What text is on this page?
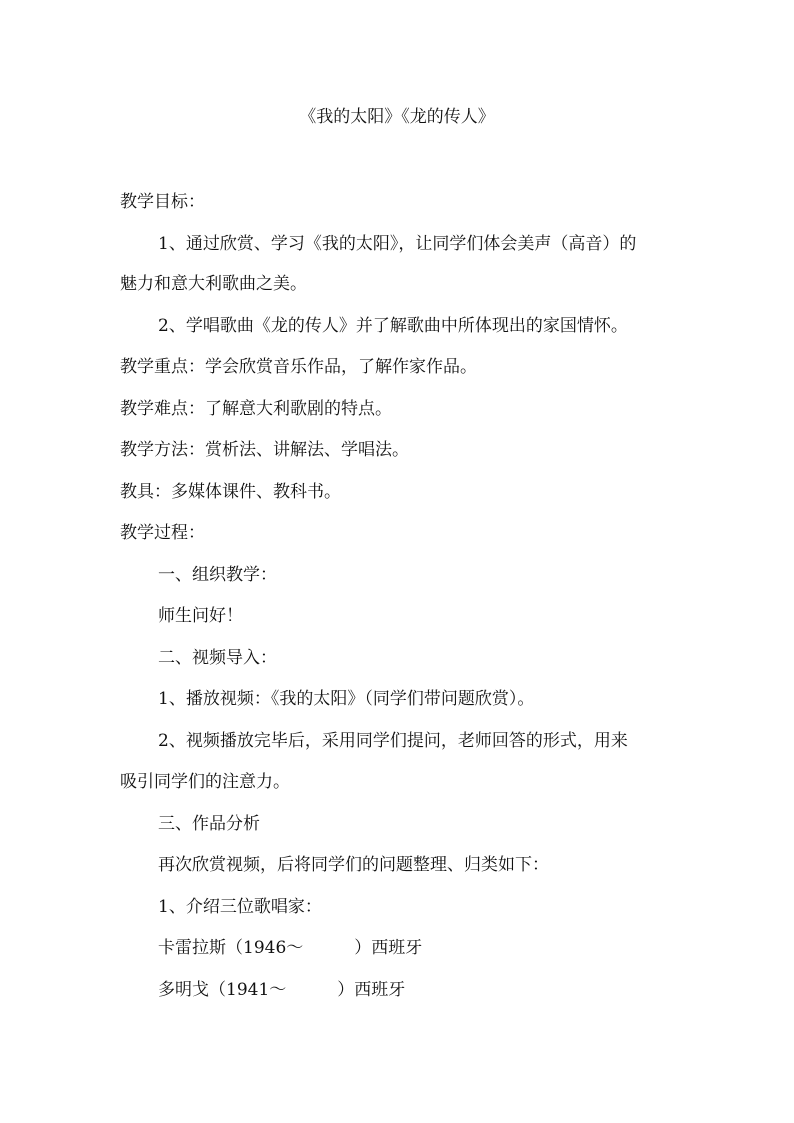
《我的太阳》《龙的传人》
教学目标：
1、通过欣赏、学习《我的太阳》，让同学们体会美声（高音）的
魅力和意大利歌曲之美。
2、学唱歌曲《龙的传人》并了解歌曲中所体现出的家国情怀。
教学重点：学会欣赏音乐作品，了解作家作品。
教学难点：了解意大利歌剧的特点。
教学方法：赏析法、讲解法、学唱法。
教具：多媒体课件、教科书。
教学过程：
一、组织教学：
师生问好！
二、视频导入：
1、播放视频：《我的太阳》（同学们带问题欣赏）。
2、视频播放完毕后，采用同学们提问，老师回答的形式，用来
吸引同学们的注意力。
三、作品分析
再次欣赏视频，后将同学们的问题整理、归类如下：
1、介绍三位歌唱家：
卡雷拉斯（1946～　　　）西班牙
多明戈（1941～　　　）西班牙
